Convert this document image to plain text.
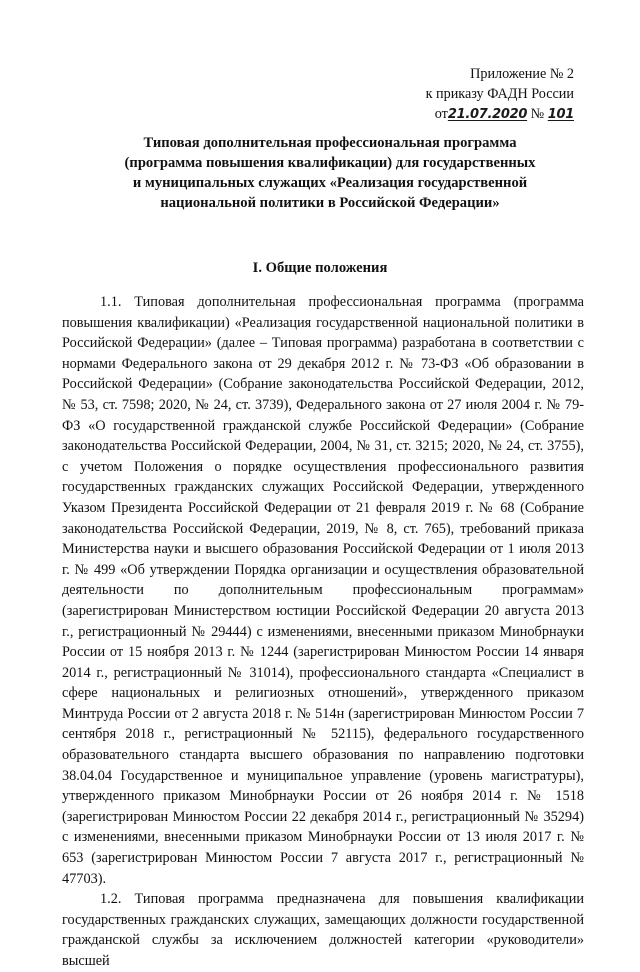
Приложение № 2
к приказу ФАДН России
от21.07.2020 № 101
Типовая дополнительная профессиональная программа
(программа повышения квалификации) для государственных
и муниципальных служащих «Реализация государственной
национальной политики в Российской Федерации»
I. Общие положения

1.1. Типовая дополнительная профессиональная программа (программа повышения квалификации) «Реализация государственной национальной политики в Российской Федерации» (далее – Типовая программа) разработана в соответствии с нормами Федерального закона от 29 декабря 2012 г. № 73-ФЗ «Об образовании в Российской Федерации» (Собрание законодательства Российской Федерации, 2012, № 53, ст. 7598; 2020, № 24, ст. 3739), Федерального закона от 27 июля 2004 г. № 79-ФЗ «О государственной гражданской службе Российской Федерации» (Собрание законодательства Российской Федерации, 2004, № 31, ст. 3215; 2020, № 24, ст. 3755), с учетом Положения о порядке осуществления профессионального развития государственных гражданских служащих Российской Федерации, утвержденного Указом Президента Российской Федерации от 21 февраля 2019 г. № 68 (Собрание законодательства Российской Федерации, 2019, № 8, ст. 765), требований приказа Министерства науки и высшего образования Российской Федерации от 1 июля 2013 г. № 499 «Об утверждении Порядка организации и осуществления образовательной деятельности по дополнительным профессиональным программам» (зарегистрирован Министерством юстиции Российской Федерации 20 августа 2013 г., регистрационный № 29444) с изменениями, внесенными приказом Минобрнауки России от 15 ноября 2013 г. № 1244 (зарегистрирован Минюстом России 14 января 2014 г., регистрационный № 31014), профессионального стандарта «Специалист в сфере национальных и религиозных отношений», утвержденного приказом Минтруда России от 2 августа 2018 г. № 514н (зарегистрирован Минюстом России 7 сентября 2018 г., регистрационный № 52115), федерального государственного образовательного стандарта высшего образования по направлению подготовки 38.04.04 Государственное и муниципальное управление (уровень магистратуры), утвержденного приказом Минобрнауки России от 26 ноября 2014 г. № 1518 (зарегистрирован Минюстом России 22 декабря 2014 г., регистрационный № 35294) с изменениями, внесенными приказом Минобрнауки России от 13 июля 2017 г. № 653 (зарегистрирован Минюстом России 7 августа 2017 г., регистрационный № 47703).

1.2. Типовая программа предназначена для повышения квалификации государственных гражданских служащих, замещающих должности государственной гражданской службы за исключением должностей категории «руководители» высшей
